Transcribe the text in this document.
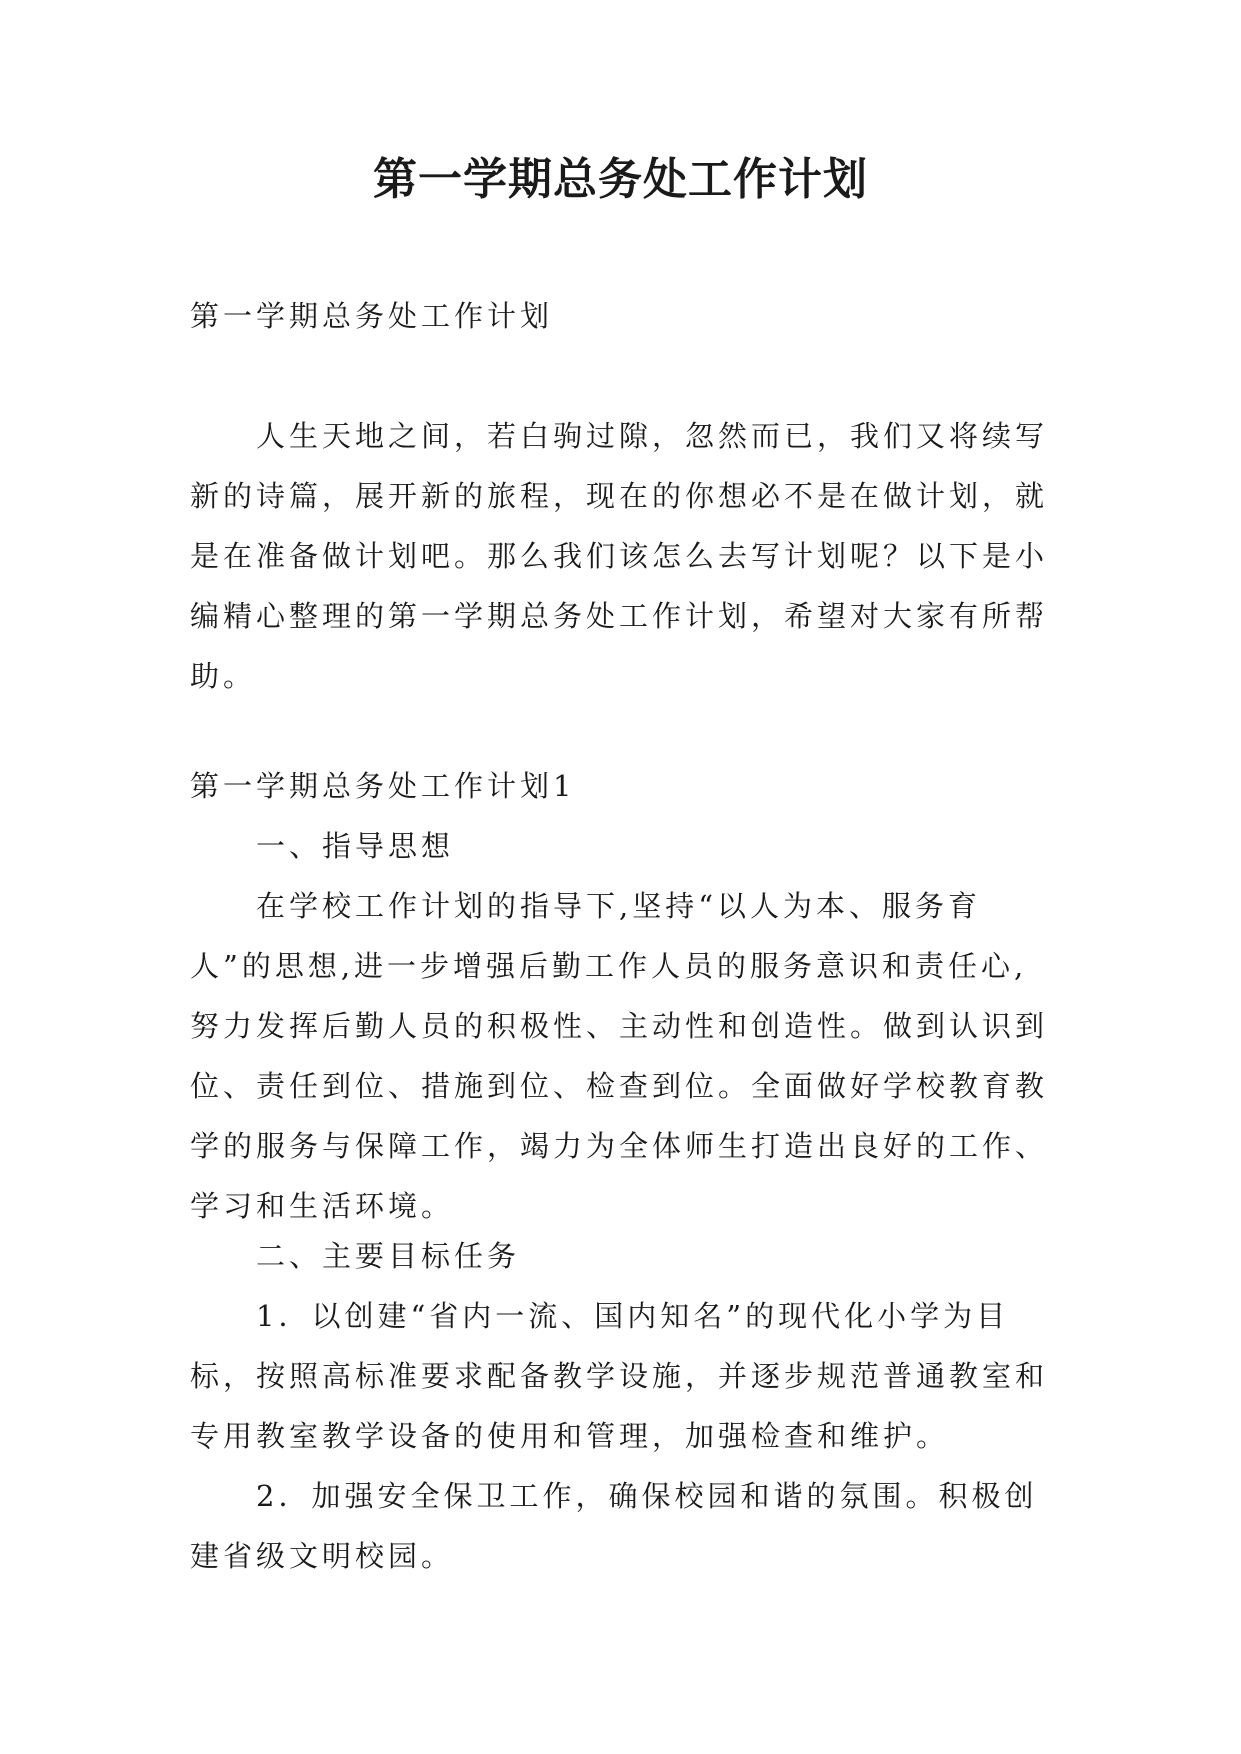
第一学期总务处工作计划

第一学期总务处工作计划

人生天地之间，若白驹过隙，忽然而已，我们又将续写新的诗篇，展开新的旅程，现在的你想必不是在做计划，就是在准备做计划吧。那么我们该怎么去写计划呢？以下是小编精心整理的第一学期总务处工作计划，希望对大家有所帮助。

第一学期总务处工作计划1

一、指导思想

在学校工作计划的指导下,坚持“以人为本、服务育人”的思想,进一步增强后勤工作人员的服务意识和责任心,努力发挥后勤人员的积极性、主动性和创造性。做到认识到位、责任到位、措施到位、检查到位。全面做好学校教育教学的服务与保障工作，竭力为全体师生打造出良好的工作、学习和生活环境。

二、主要目标任务

1．以创建“省内一流、国内知名”的现代化小学为目标，按照高标准要求配备教学设施，并逐步规范普通教室和专用教室教学设备的使用和管理，加强检查和维护。

2．加强安全保卫工作，确保校园和谐的氛围。积极创建省级文明校园。
